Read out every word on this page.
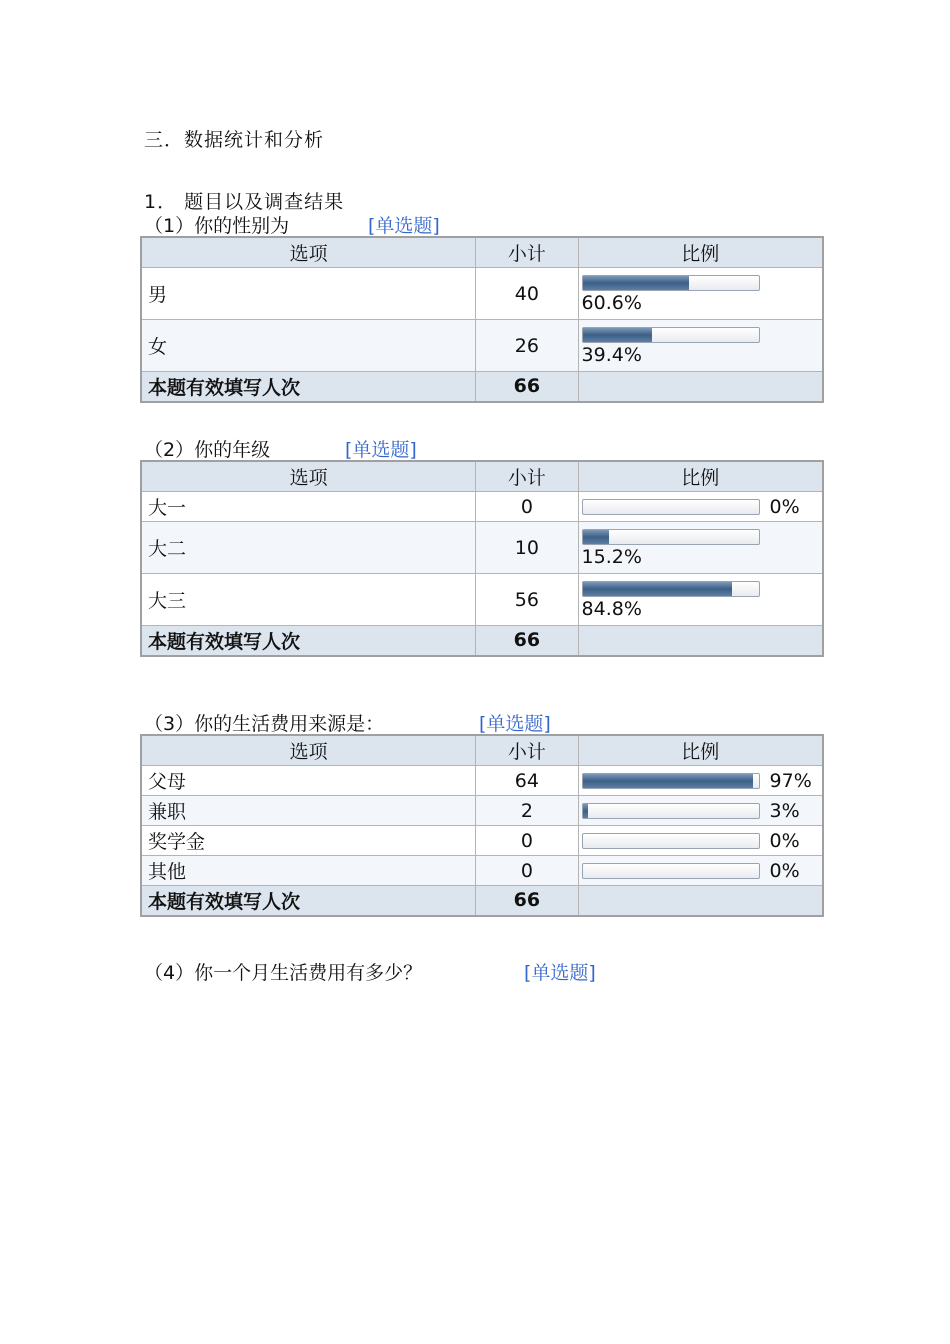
三．数据统计和分析
1． 题目以及调查结果
（1）你的性别为	[单选题]
选项	小计	比例
男	40	60.6%

女	26	39.4%

本题有效填写人次	66	
（2）你的年级	[单选题]
选项	小计	比例
大一	0	0%
大二	10	15.2%

大三	56	84.8%

本题有效填写人次	66	
（3）你的生活费用来源是：	[单选题]
选项	小计	比例
父母	64	97%
兼职	2	3%
奖学金	0	0%
其他	0	0%
本题有效填写人次	66	
（4）你一个月生活费用有多少？	[单选题]
